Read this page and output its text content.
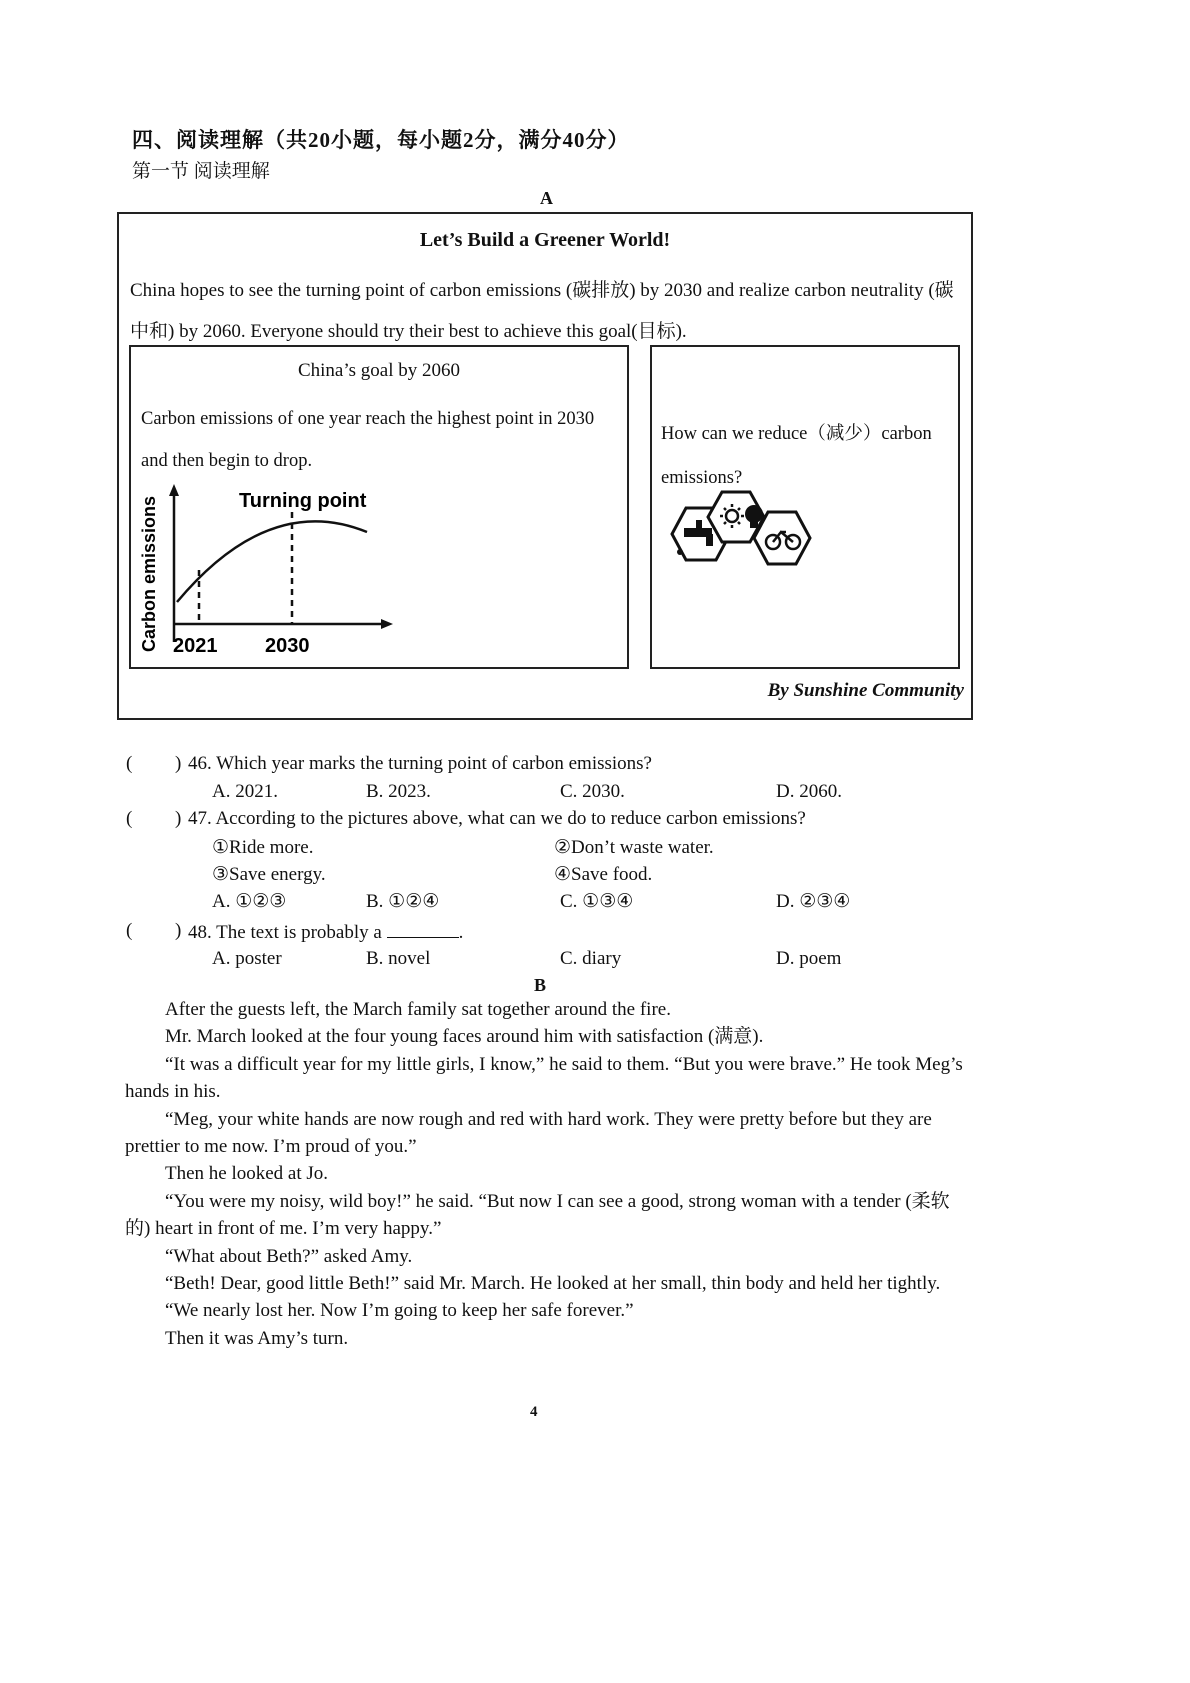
四、阅读理解（共20小题，每小题2分，满分40分）
第一节 阅读理解
A
Let’s Build a Greener World!
China hopes to see the turning point of carbon emissions (碳排放) by 2030 and realize carbon neutrality (碳中和) by 2060. Everyone should try their best to achieve this goal(目标).
China’s goal by 2060
Carbon emissions of one year reach the highest point in 2030 and then begin to drop.
How can we reduce（减少）carbon emissions?
Carbon emissions	Turning point
2021 2030
By Sunshine Community
( ) 46. Which year marks the turning point of carbon emissions?
A. 2021.	B. 2023.	C. 2030.	D. 2060.
( ) 47. According to the pictures above, what can we do to reduce carbon emissions?
①Ride more.	②Don’t waste water.
③Save energy.	④Save food.
A. ①②③	B. ①②④	C. ①③④	D. ②③④
( ) 48. The text is probably a	.
A. poster	B. novel	C. diary	D. poem
B

After the guests left, the March family sat together around the fire.

Mr. March looked at the four young faces around him with satisfaction (满意).

“It was a difficult year for my little girls, I know,” he said to them. “But you were brave.” He took Meg’s hands in his.

“Meg, your white hands are now rough and red with hard work. They were pretty before but they are prettier to me now. I’m proud of you.”

Then he looked at Jo.

“You were my noisy, wild boy!” he said. “But now I can see a good, strong woman with a tender (柔软的) heart in front of me. I’m very happy.”

“What about Beth?” asked Amy.

“Beth! Dear, good little Beth!” said Mr. March. He looked at her small, thin body and held her tightly.

“We nearly lost her. Now I’m going to keep her safe forever.”

Then it was Amy’s turn.

4
